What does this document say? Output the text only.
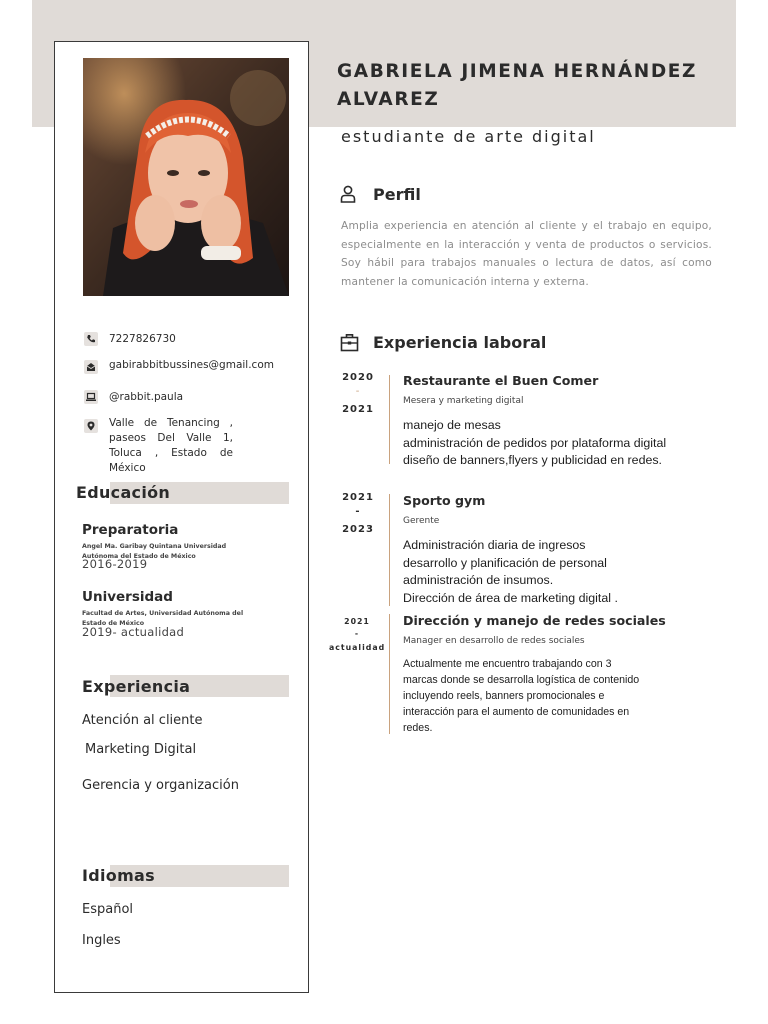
GABRIELA JIMENA HERNÁNDEZ ALVAREZ
estudiante de arte digital
Perfil
Amplia experiencia en atención al cliente y el trabajo en equipo, especialmente en la interacción y venta de productos o servicios. Soy hábil para trabajos manuales o lectura de datos, así como mantener la comunicación interna y externa.
7227826730
gabirabbitbussines@gmail.com
@rabbit.paula
Valle de Tenancing , paseos Del Valle 1, Toluca , Estado de México
Educación
Preparatoria
Angel Ma. Garibay Quintana Universidad Autónoma del Estado de México
2016-2019
Universidad
Facultad de Artes, Universidad Autónoma del Estado de México
2019- actualidad
Experiencia
Atención al cliente
Marketing Digital
Gerencia y organización
Idiomas
Español
Ingles
Experiencia laboral
2020
-
2021
Restaurante el Buen Comer
Mesera y marketing digital
manejo de mesas
administración de pedidos por plataforma digital
diseño de banners,flyers y publicidad en redes.
2021
-
2023
Sporto gym
Gerente
Administración diaria de ingresos
desarrollo y planificación de personal
administración de insumos.
Dirección de área de marketing digital .
2021
-
actualidad
Dirección y manejo de redes sociales
Manager en desarrollo de redes sociales
Actualmente me encuentro trabajando con 3 marcas donde se desarrolla logística de contenido incluyendo reels, banners promocionales e interacción para el aumento de comunidades en redes.
